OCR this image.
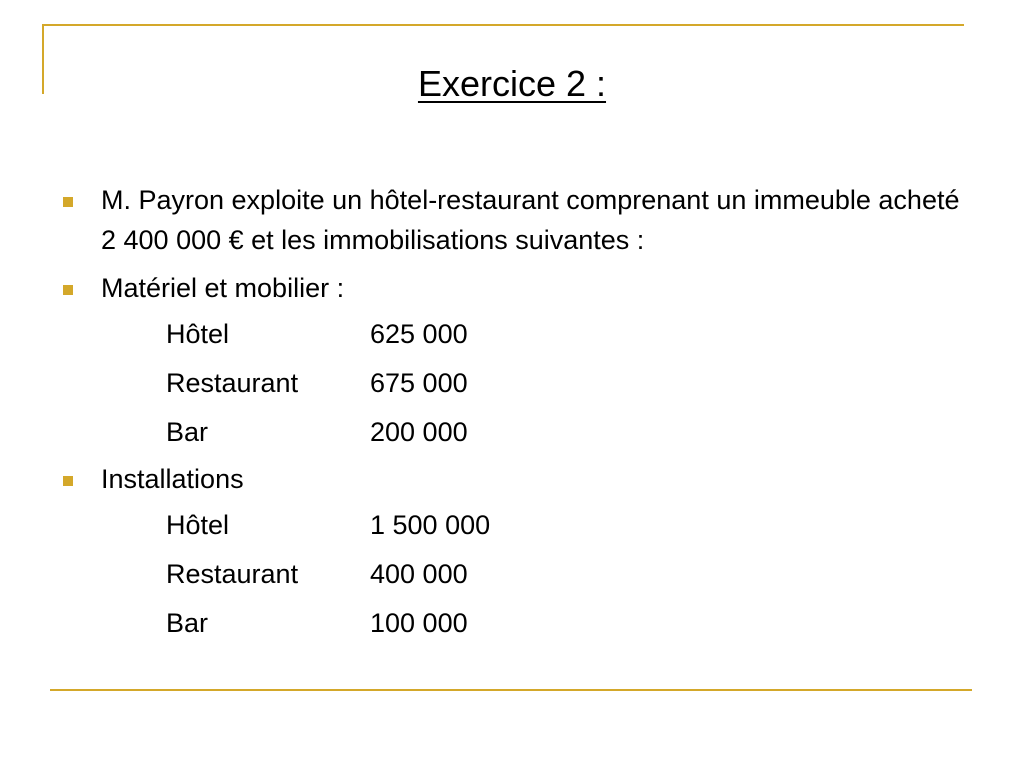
Exercice 2 :
M. Payron exploite un hôtel-restaurant comprenant un immeuble acheté 2 400 000 € et les immobilisations suivantes :
Matériel et mobilier :
Hôtel	625 000
Restaurant	675 000
Bar	200 000
Installations
Hôtel	1 500 000
Restaurant	400 000
Bar	100 000
